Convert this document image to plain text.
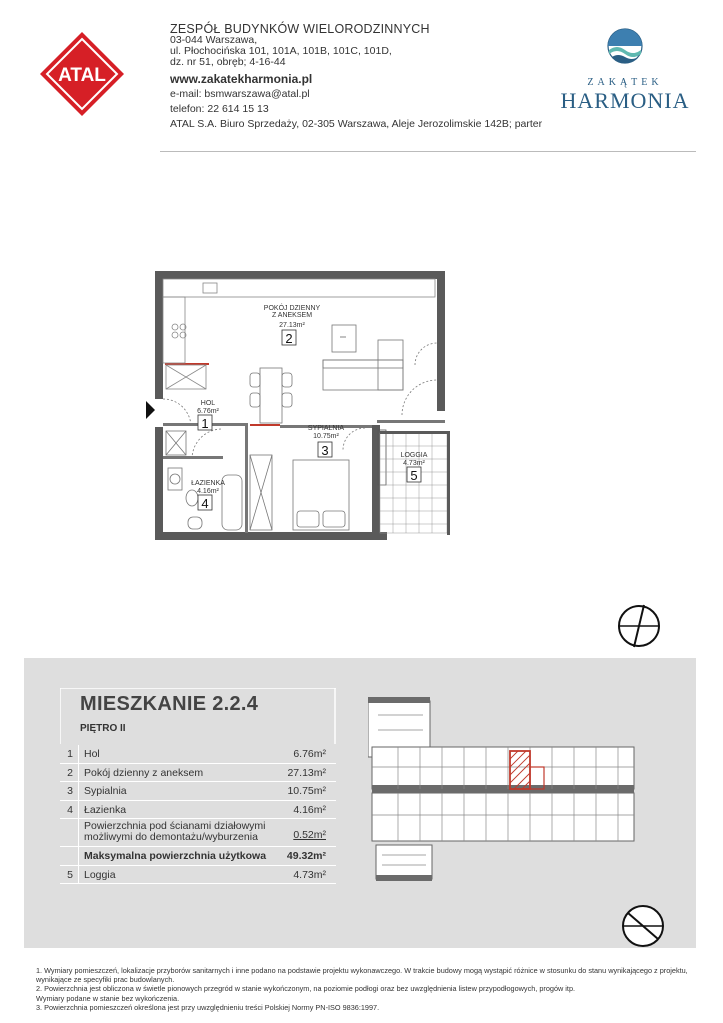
ATAL
ZESPÓŁ BUDYNKÓW WIELORODZINNYCH
03-044 Warszawa,
ul. Płochocińska 101, 101A, 101B, 101C, 101D,
dz. nr 51, obręb; 4-16-44
www.zakatekharmonia.pl
e-mail: bsmwarszawa@atal.pl
telefon: 22 614 15 13
ATAL S.A. Biuro Sprzedaży, 02-305 Warszawa, Aleje Jerozolimskie 142B; parter
ZAKĄTEK
HARMONIA
POKÓJ DZIENNY
Z ANEKSEM
27.13m²
2
HOL
6.76m²
1	SYPIALNIA
10.75m²
3	LOGGIA
4.73m²
5
ŁAZIENKA
4.16m²
4
MIESZKANIE 2.2.4
PIĘTRO II
1 Hol	6.76m²
2 Pokój dzienny z aneksem	27.13m²
3 Sypialnia	10.75m²
4 Łazienka	4.16m²
Powierzchnia pod ścianami działowymi
możliwymi do demontażu/wyburzenia	0.52m²
Maksymalna powierzchnia użytkowa 49.32m²
5 Loggia	4.73m²
1. Wymiary pomieszczeń, lokalizacje przyborów sanitarnych i inne podano na podstawie projektu wykonawczego. W trakcie budowy mogą wystąpić różnice w stosunku do stanu wynikającego z projektu,
wynikające ze specyfiki prac budowlanych.
2. Powierzchnia jest obliczona w świetle pionowych przegród w stanie wykończonym, na poziomie podłogi oraz bez uwzględnienia listew przypodłogowych, progów itp.
Wymiary podane w stanie bez wykończenia.
3. Powierzchnia pomieszczeń określona jest przy uwzględnieniu treści Polskiej Normy PN-ISO 9836:1997.
